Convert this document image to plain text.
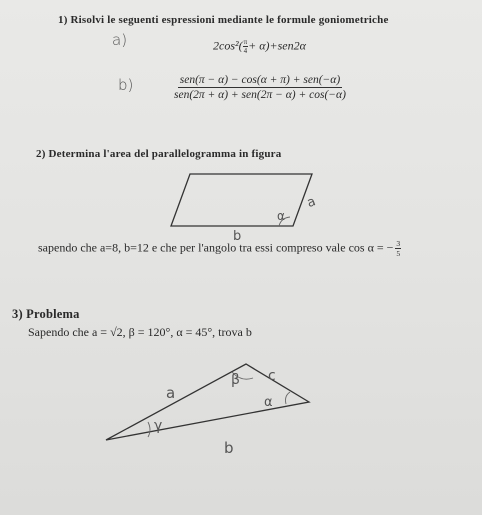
1) Risolvi le seguenti espressioni mediante le formule goniometriche
a)	$2\cos^2( \frac{\pi}{4} + \alpha)+sen2\alpha$
b)	$\frac{\text{sen(π − α) − cos(α + π) + sen(−α)}}{\text{sen(2π + α) + sen(2π − α) + cos(−α)}}$
2) Determina l'area del parallelogramma in figura
α
a
b
sapendo che a=8, b=12 e che per l'angolo tra essi compreso vale cos α = − $\frac{3}{5}$
3) Problema
Sapendo che a = √2, β = 120°, α = 45°, trova b
a
c
β
α
γ
b
